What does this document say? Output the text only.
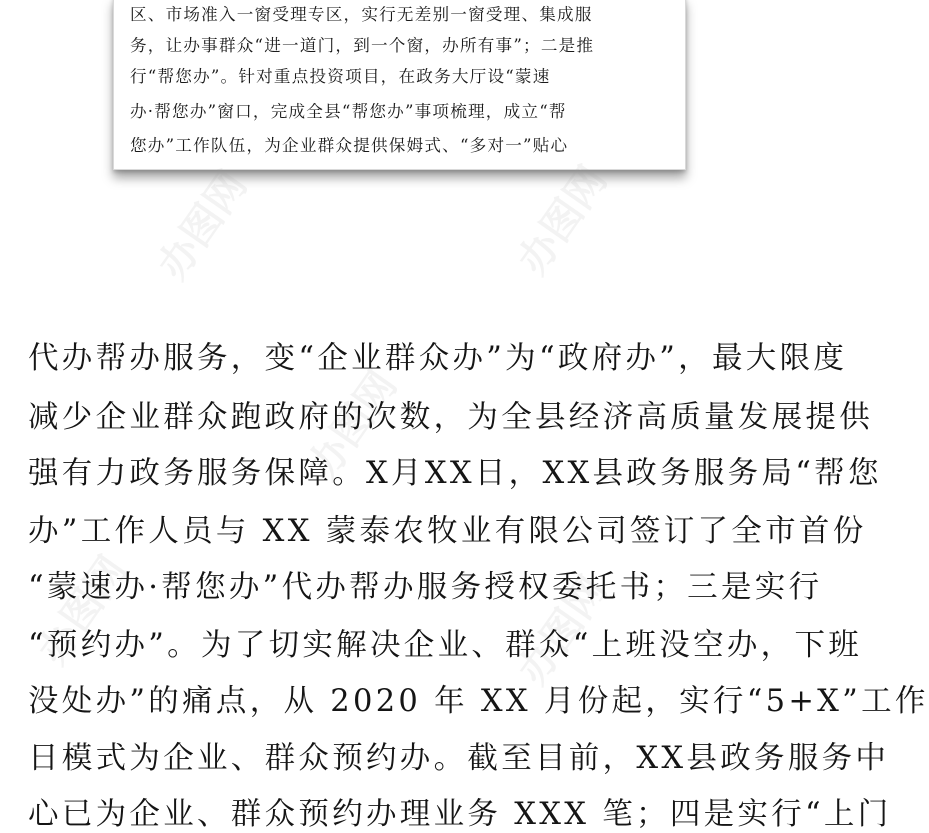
区、市场准入一窗受理专区，实行无差别一窗受理、集成服
务，让办事群众“进一道门，到一个窗，办所有事”；二是推
行“帮您办”。针对重点投资项目，在政务大厅设“蒙速
办·帮您办”窗口，完成全县“帮您办”事项梳理，成立“帮
您办”工作队伍，为企业群众提供保姆式、“多对一”贴心
办图网	办图网
办图网
办图网
办图网
代办帮办服务，变“企业群众办”为“政府办”，最大限度
减少企业群众跑政府的次数，为全县经济高质量发展提供
强有力政务服务保障。X月XX日，XX县政务服务局“帮您
办”工作人员与 XX 蒙泰农牧业有限公司签订了全市首份
“蒙速办·帮您办”代办帮办服务授权委托书；三是实行
“预约办”。为了切实解决企业、群众“上班没空办，下班
没处办”的痛点，从 2020 年 XX 月份起，实行“5+X”工作
日模式为企业、群众预约办。截至目前，XX县政务服务中
心已为企业、群众预约办理业务 XXX 笔；四是实行“上门
